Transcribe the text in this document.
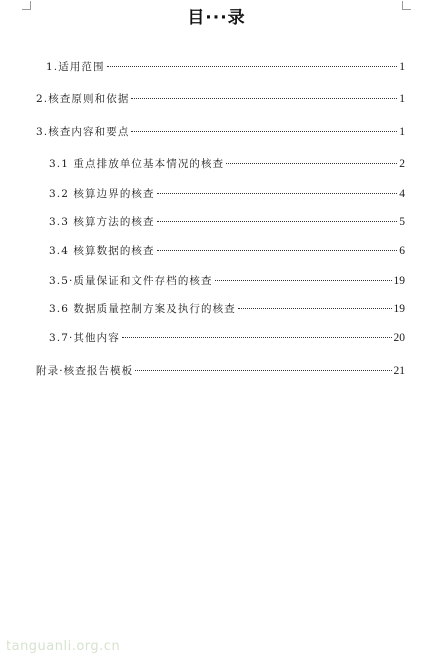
目···录
1.适用范围	1
2.核查原则和依据	1
3.核查内容和要点	1
3.1 重点排放单位基本情况的核查	2
3.2 核算边界的核查	4
3.3 核算方法的核查	5
3.4 核算数据的核查	6
3.5·质量保证和文件存档的核查	19
3.6 数据质量控制方案及执行的核查	19
3.7·其他内容	20
附录·核查报告模板	21
tanguanli.org.cn
